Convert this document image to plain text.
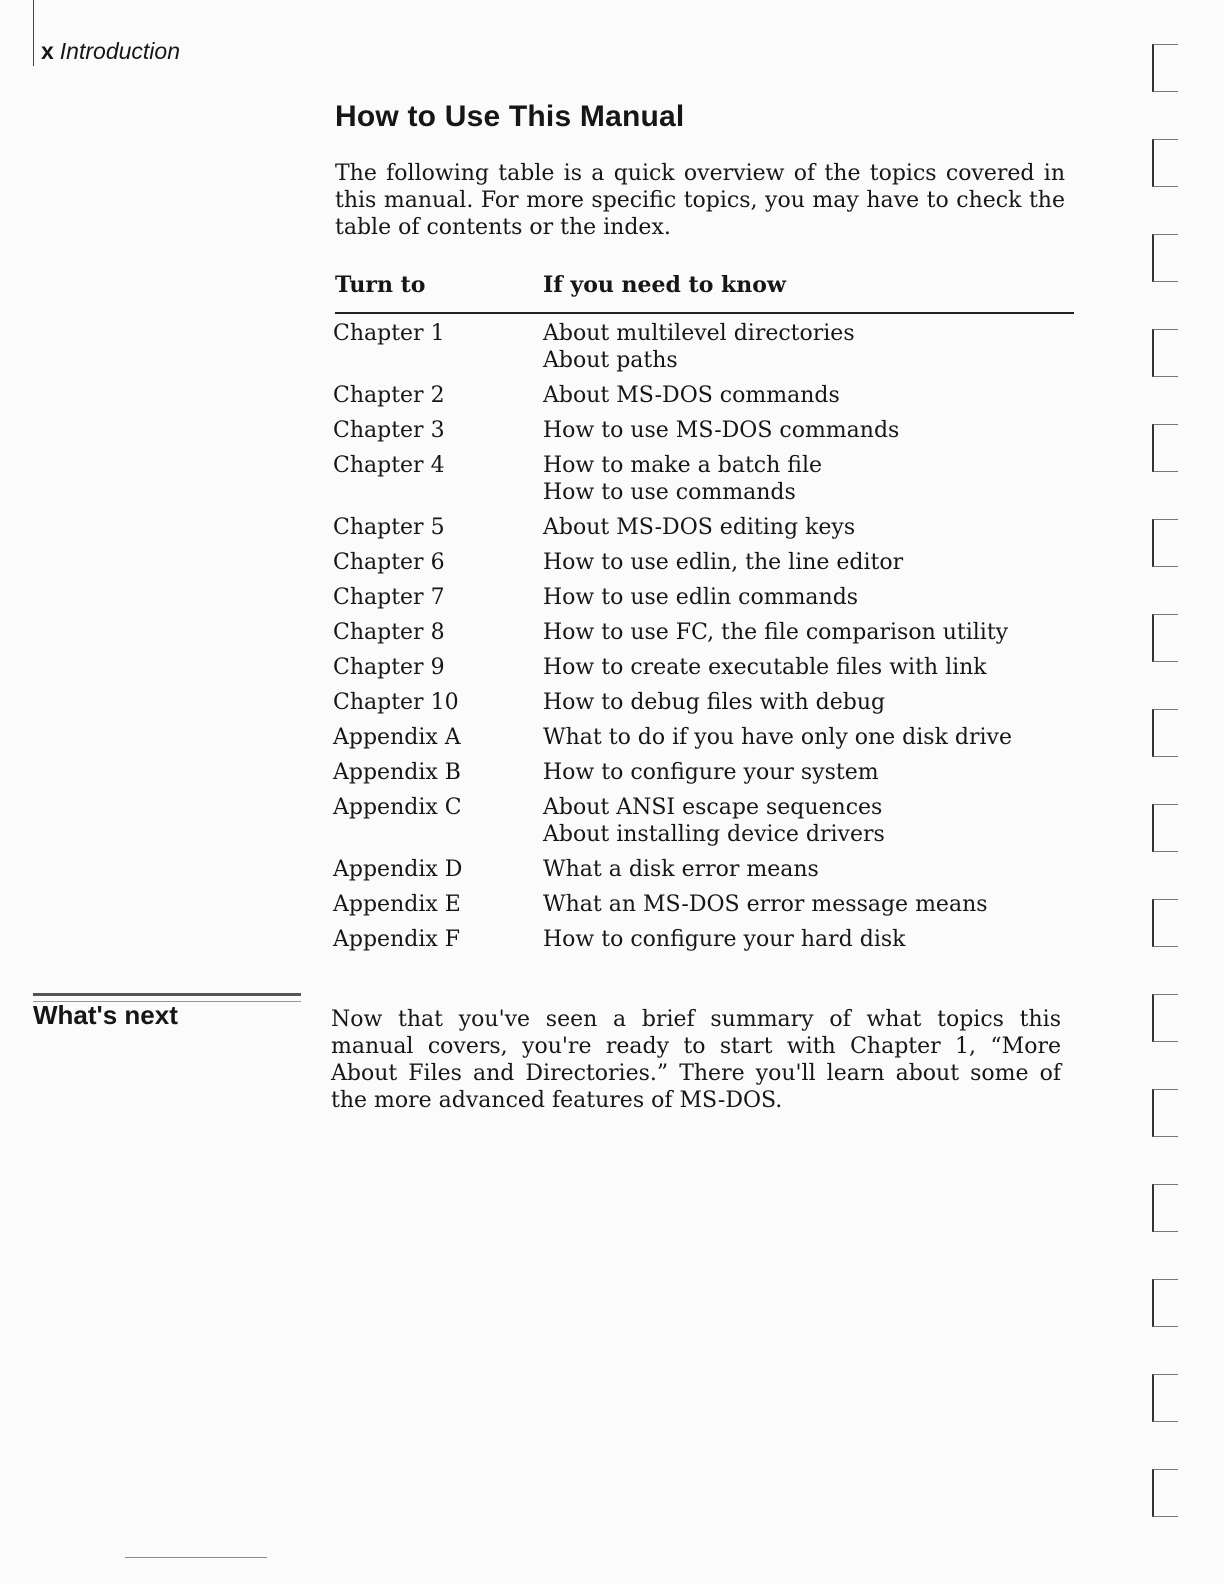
x Introduction
How to Use This Manual

The following table is a quick overview of the topics covered in this manual. For more specific topics, you may have to check the table of contents or the index.

Turn to	If you need to know
Chapter 1	About multilevel directories
About paths
Chapter 2	About MS-DOS commands
Chapter 3	How to use MS-DOS commands
Chapter 4	How to make a batch file
How to use commands
Chapter 5	About MS-DOS editing keys
Chapter 6	How to use edlin, the line editor
Chapter 7	How to use edlin commands
Chapter 8	How to use FC, the file comparison utility
Chapter 9	How to create executable files with link
Chapter 10	How to debug files with debug
Appendix A	What to do if you have only one disk drive
Appendix B	How to configure your system
Appendix C	About ANSI escape sequences
About installing device drivers
Appendix D	What a disk error means
Appendix E	What an MS-DOS error message means
Appendix F	How to configure your hard disk
What's next	Now that you've seen a brief summary of what topics this manual covers, you're ready to start with Chapter 1, “More About Files and Directories.” There you'll learn about some of the more advanced features of MS-DOS.
